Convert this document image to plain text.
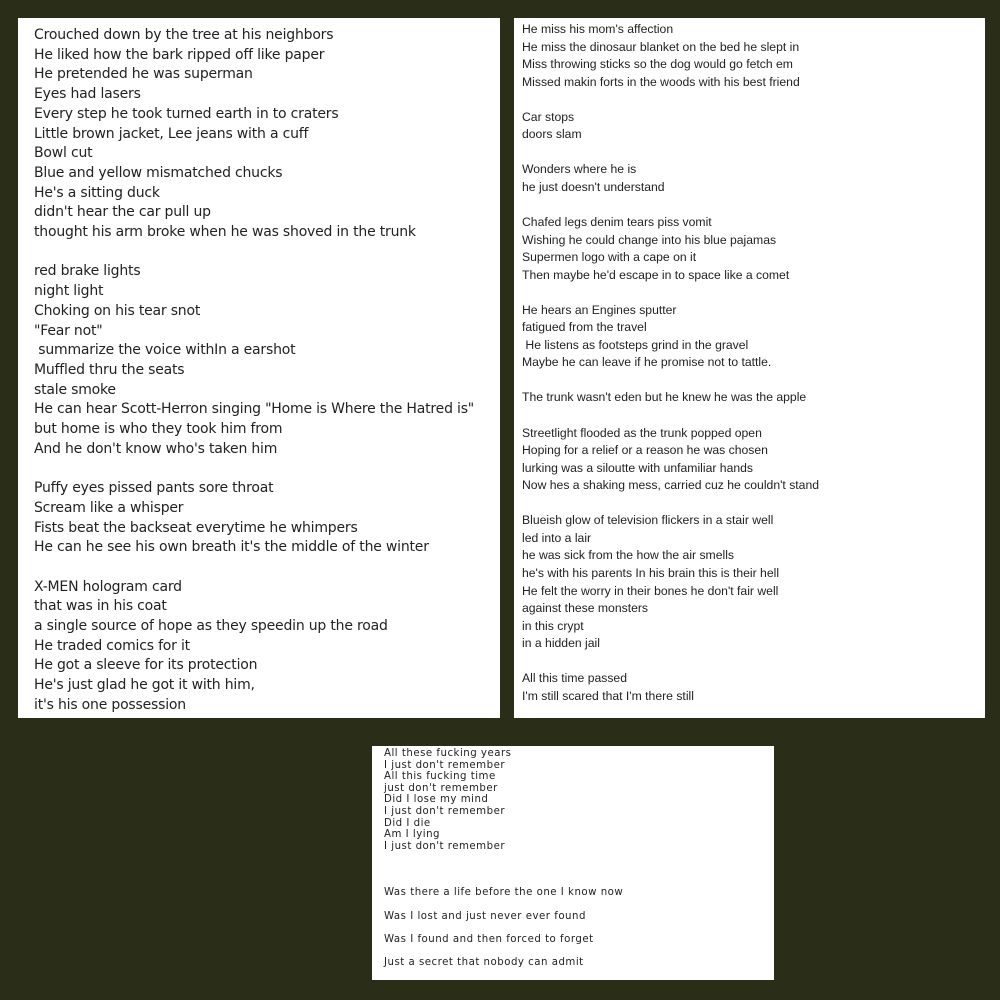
Crouched down by the tree at his neighbors
He liked how the bark ripped off like paper
He pretended he was superman
Eyes had lasers
Every step he took turned earth in to craters
Little brown jacket, Lee jeans with a cuff
Bowl cut
Blue and yellow mismatched chucks
He's a sitting duck
didn't hear the car pull up
thought his arm broke when he was shoved in the trunk
red brake lights
night light
Choking on his tear snot
"Fear not"
summarize the voice withIn a earshot
Muffled thru the seats
stale smoke
He can hear Scott-Herron singing "Home is Where the Hatred is"
but home is who they took him from
And he don't know who's taken him
Puffy eyes pissed pants sore throat
Scream like a whisper
Fists beat the backseat everytime he whimpers
He can he see his own breath it's the middle of the winter
X-MEN hologram card
that was in his coat
a single source of hope as they speedin up the road
He traded comics for it
He got a sleeve for its protection
He's just glad he got it with him,
it's his one possession
He miss his mom's affection
He miss the dinosaur blanket on the bed he slept in
Miss throwing sticks so the dog would go fetch em
Missed makin forts in the woods with his best friend
Car stops
doors slam
Wonders where he is
he just doesn't understand
Chafed legs denim tears piss vomit
Wishing he could change into his blue pajamas
Supermen logo with a cape on it
Then maybe he'd escape in to space like a comet
He hears an Engines sputter
fatigued from the travel
He listens as footsteps grind in the gravel
Maybe he can leave if he promise not to tattle.
The trunk wasn't eden but he knew he was the apple
Streetlight flooded as the trunk popped open
Hoping for a relief or a reason he was chosen
lurking was a siloutte with unfamiliar hands
Now hes a shaking mess, carried cuz he couldn't stand
Blueish glow of television flickers in a stair well
led into a lair
he was sick from the how the air smells
he's with his parents In his brain this is their hell
He felt the worry in their bones he don't fair well
against these monsters
in this crypt
in a hidden jail
All this time passed
I'm still scared that I'm there still
All these fucking years
I just don't remember
All this fucking time
just don't remember
Did I lose my mind
I just don't remember
Did I die
Am I lying
I just don't remember
Was there a life before the one I know now
Was I lost and just never ever found
Was I found and then forced to forget
Just a secret that nobody can admit
